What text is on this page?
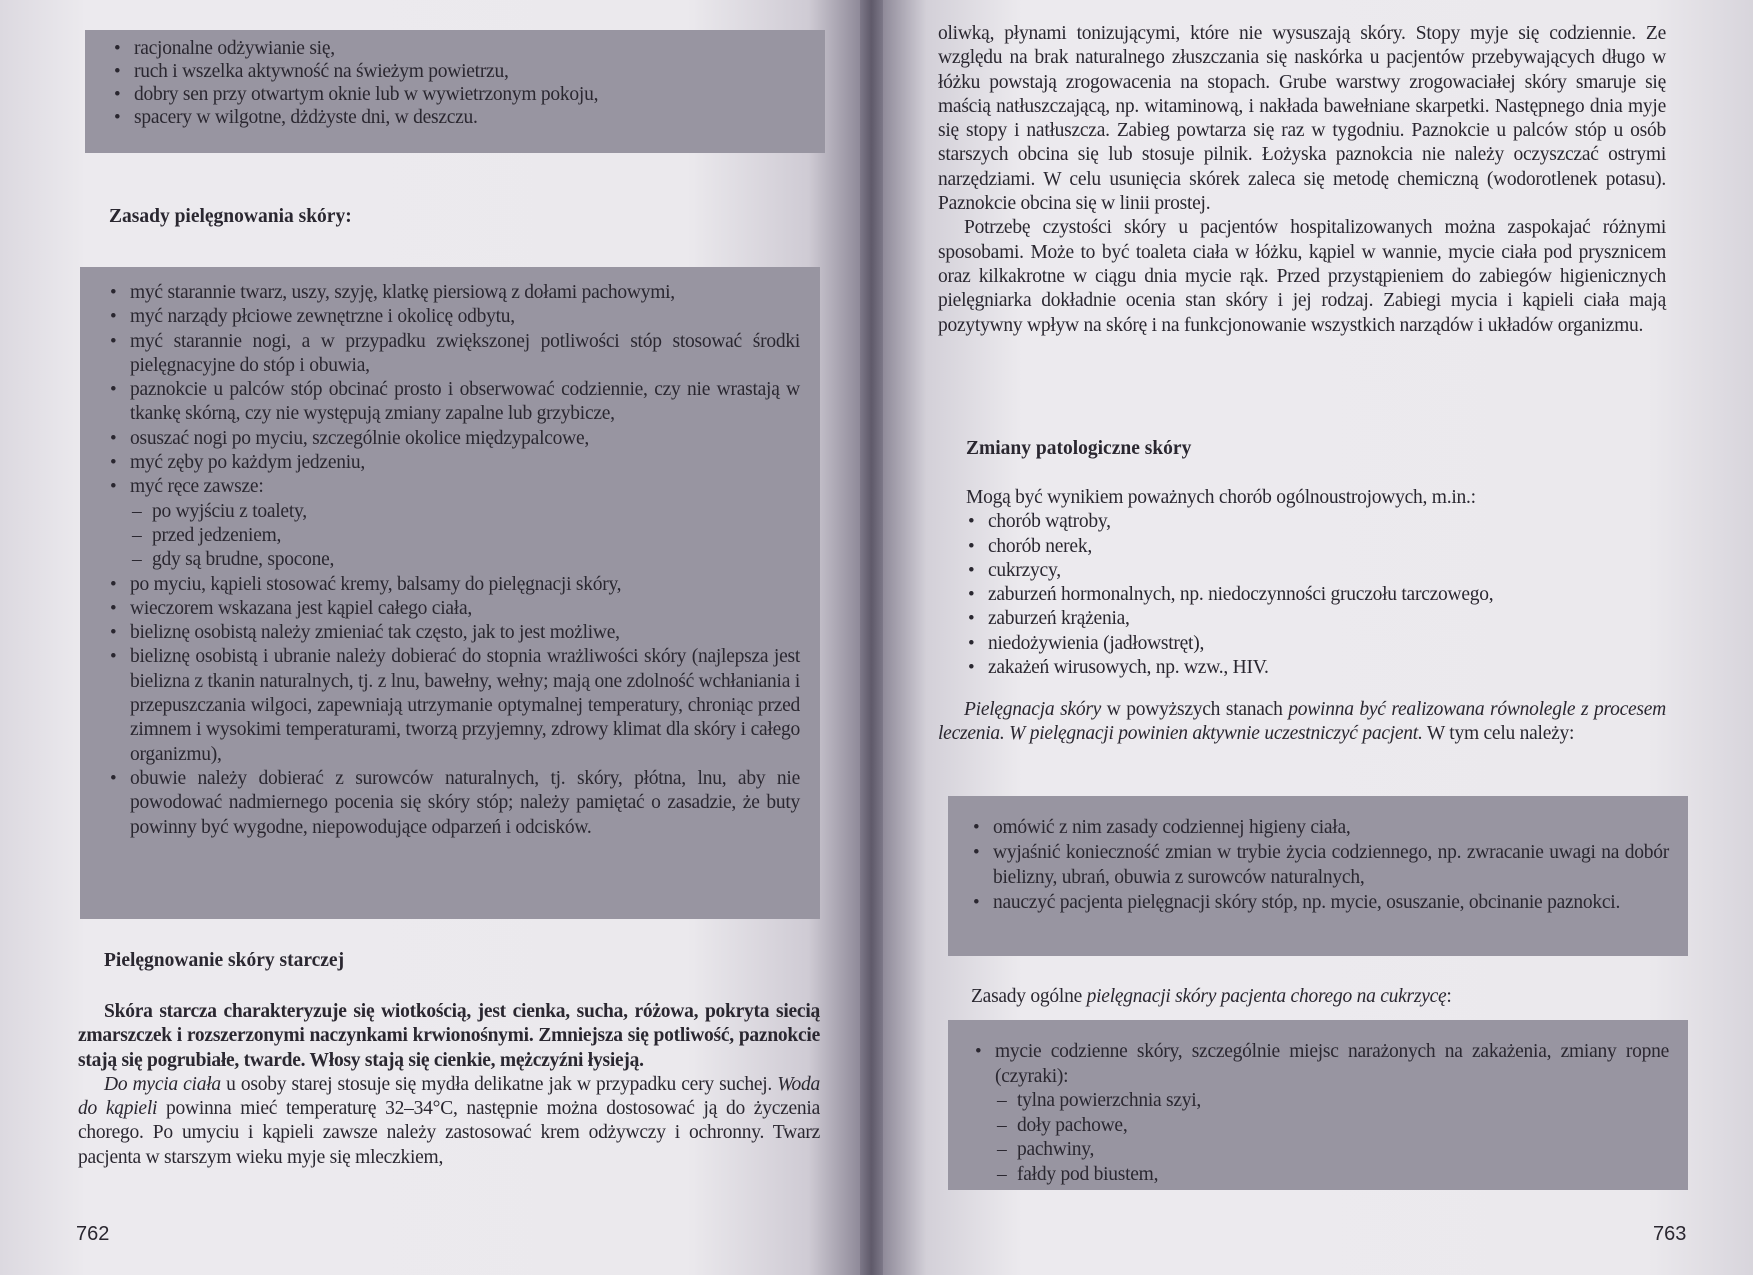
• racjonalne odżywianie się,
• ruch i wszelka aktywność na świeżym powietrzu,
• dobry sen przy otwartym oknie lub w wywietrzonym pokoju,
• spacery w wilgotne, dżdżyste dni, w deszczu.
Zasady pielęgnowania skóry:
• myć starannie twarz, uszy, szyję, klatkę piersiową z dołami pachowymi,
• myć narządy płciowe zewnętrzne i okolicę odbytu,
• myć starannie nogi, a w przypadku zwiększonej potliwości stóp stosować środki pielęgnacyjne do stóp i obuwia,
• paznokcie u palców stóp obcinać prosto i obserwować codziennie, czy nie wrastają w tkankę skórną, czy nie występują zmiany zapalne lub grzybicze,
• osuszać nogi po myciu, szczególnie okolice międzypalcowe,
• myć zęby po każdym jedzeniu,
• myć ręce zawsze:
– po wyjściu z toalety,
– przed jedzeniem,
– gdy są brudne, spocone,
• po myciu, kąpieli stosować kremy, balsamy do pielęgnacji skóry,
• wieczorem wskazana jest kąpiel całego ciała,
• bieliznę osobistą należy zmieniać tak często, jak to jest możliwe,
• bieliznę osobistą i ubranie należy dobierać do stopnia wrażliwości skóry (najlepsza jest bielizna z tkanin naturalnych, tj. z lnu, bawełny, wełny; mają one zdolność wchłaniania i przepuszczania wilgoci, zapewniają utrzymanie optymalnej temperatury, chroniąc przed zimnem i wysokimi temperaturami, tworzą przyjemny, zdrowy klimat dla skóry i całego organizmu),
• obuwie należy dobierać z surowców naturalnych, tj. skóry, płótna, lnu, aby nie powodować nadmiernego pocenia się skóry stóp; należy pamiętać o zasadzie, że buty powinny być wygodne, niepowodujące odparzeń i odcisków.
Pielęgnowanie skóry starczej

Skóra starcza charakteryzuje się wiotkością, jest cienka, sucha, różowa, pokryta siecią zmarszczek i rozszerzonymi naczynkami krwionośnymi. Zmniejsza się potliwość, paznokcie stają się pogrubiałe, twarde. Włosy stają się cienkie, mężczyźni łysieją.

Do mycia ciała u osoby starej stosuje się mydła delikatne jak w przypadku cery suchej. Woda do kąpieli powinna mieć temperaturę 32–34°C, następnie można dostosować ją do życzenia chorego. Po umyciu i kąpieli zawsze należy zastosować krem odżywczy i ochronny. Twarz pacjenta w starszym wieku myje się mleczkiem,

762

oliwką, płynami tonizującymi, które nie wysuszają skóry. Stopy myje się codziennie. Ze względu na brak naturalnego złuszczania się naskórka u pacjentów przebywających długo w łóżku powstają zrogowacenia na stopach. Grube warstwy zrogowaciałej skóry smaruje się maścią natłuszczającą, np. witaminową, i nakłada bawełniane skarpetki. Następnego dnia myje się stopy i natłuszcza. Zabieg powtarza się raz w tygodniu. Paznokcie u palców stóp u osób starszych obcina się lub stosuje pilnik. Łożyska paznokcia nie należy oczyszczać ostrymi narzędziami. W celu usunięcia skórek zaleca się metodę chemiczną (wodorotlenek potasu). Paznokcie obcina się w linii prostej.

Potrzebę czystości skóry u pacjentów hospitalizowanych można zaspokajać różnymi sposobami. Może to być toaleta ciała w łóżku, kąpiel w wannie, mycie ciała pod prysznicem oraz kilkakrotne w ciągu dnia mycie rąk. Przed przystąpieniem do zabiegów higienicznych pielęgniarka dokładnie ocenia stan skóry i jej rodzaj. Zabiegi mycia i kąpieli ciała mają pozytywny wpływ na skórę i na funkcjonowanie wszystkich narządów i układów organizmu.

Zmiany patologiczne skóry

Mogą być wynikiem poważnych chorób ogólnoustrojowych, m.in.:

• chorób wątroby,
• chorób nerek,
• cukrzycy,
• zaburzeń hormonalnych, np. niedoczynności gruczołu tarczowego,
• zaburzeń krążenia,
• niedożywienia (jadłowstręt),
• zakażeń wirusowych, np. wzw., HIV.

Pielęgnacja skóry w powyższych stanach powinna być realizowana równolegle z procesem leczenia. W pielęgnacji powinien aktywnie uczestniczyć pacjent. W tym celu należy:

• omówić z nim zasady codziennej higieny ciała,
• wyjaśnić konieczność zmian w trybie życia codziennego, np. zwracanie uwagi na dobór bielizny, ubrań, obuwia z surowców naturalnych,
• nauczyć pacjenta pielęgnacji skóry stóp, np. mycie, osuszanie, obcinanie paznokci.
Zasady ogólne pielęgnacji skóry pacjenta chorego na cukrzycę:
• mycie codzienne skóry, szczególnie miejsc narażonych na zakażenia, zmiany ropne (czyraki):
– tylna powierzchnia szyi,
– doły pachowe,
– pachwiny,
– fałdy pod biustem,
763
